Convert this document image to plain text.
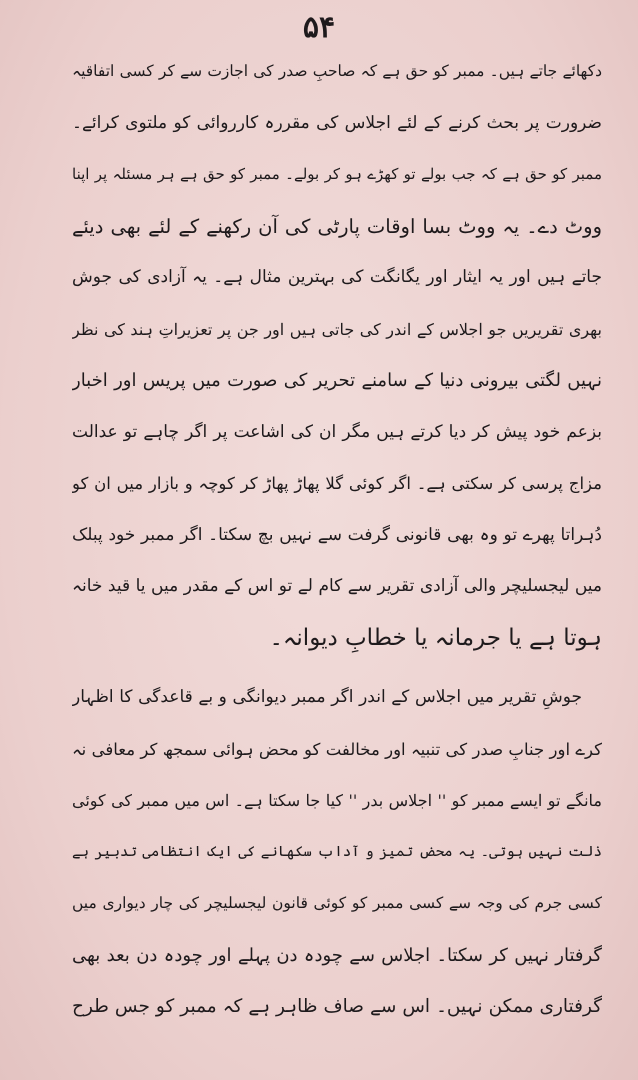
۵۴
دکھائے جاتے ہیں۔ ممبر کو حق ہے کہ صاحبِ صدر کی اجازت سے کر کسی اتفاقیہ
ضرورت پر بحث کرنے کے لئے اجلاس کی مقررہ کارروائی کو ملتوی کرائے۔
ممبر کو حق ہے کہ جب بولے تو کھڑے ہو کر بولے۔ ممبر کو حق ہے ہر مسئلہ پر اپنا
ووٹ دے۔ یہ ووٹ بسا اوقات پارٹی کی آن رکھنے کے لئے بھی دیئے
جاتے ہیں اور یہ ایثار اور یگانگت کی بہترین مثال ہے۔ یہ آزادی کی جوش
بھری تقریریں جو اجلاس کے اندر کی جاتی ہیں اور جن پر تعزیراتِ ہند کی نظر
نہیں لگتی بیرونی دنیا کے سامنے تحریر کی صورت میں پریس اور اخبار
بزعم خود پیش کر دیا کرتے ہیں مگر ان کی اشاعت پر اگر چاہے تو عدالت
مزاج پرسی کر سکتی ہے۔ اگر کوئی گلا پھاڑ پھاڑ کر کوچہ و بازار میں ان کو
دُہراتا پھرے تو وہ بھی قانونی گرفت سے نہیں بچ سکتا۔ اگر ممبر خود پبلک
میں لیجسلیچر والی آزادی تقریر سے کام لے تو اس کے مقدر میں یا قید خانہ
ہوتا ہے یا جرمانہ یا خطابِ دیوانہ۔
جوشِ تقریر میں اجلاس کے اندر اگر ممبر دیوانگی و بے قاعدگی کا اظہار
کرے اور جنابِ صدر کی تنبیہ اور مخالفت کو محض ہوائی سمجھ کر معافی نہ
مانگے تو ایسے ممبر کو '' اجلاس بدر '' کیا جا سکتا ہے۔ اس میں ممبر کی کوئی
ذلت نہیں ہوتی۔ یہ محض تمیز و آداب سکھانے کی ایک انتظامی تدبیر ہے
کسی جرم کی وجہ سے کسی ممبر کو کوئی قانون لیجسلیچر کی چار دیواری میں
گرفتار نہیں کر سکتا۔ اجلاس سے چودہ دن پہلے اور چودہ دن بعد بھی
گرفتاری ممکن نہیں۔ اس سے صاف ظاہر ہے کہ ممبر کو جس طرح
